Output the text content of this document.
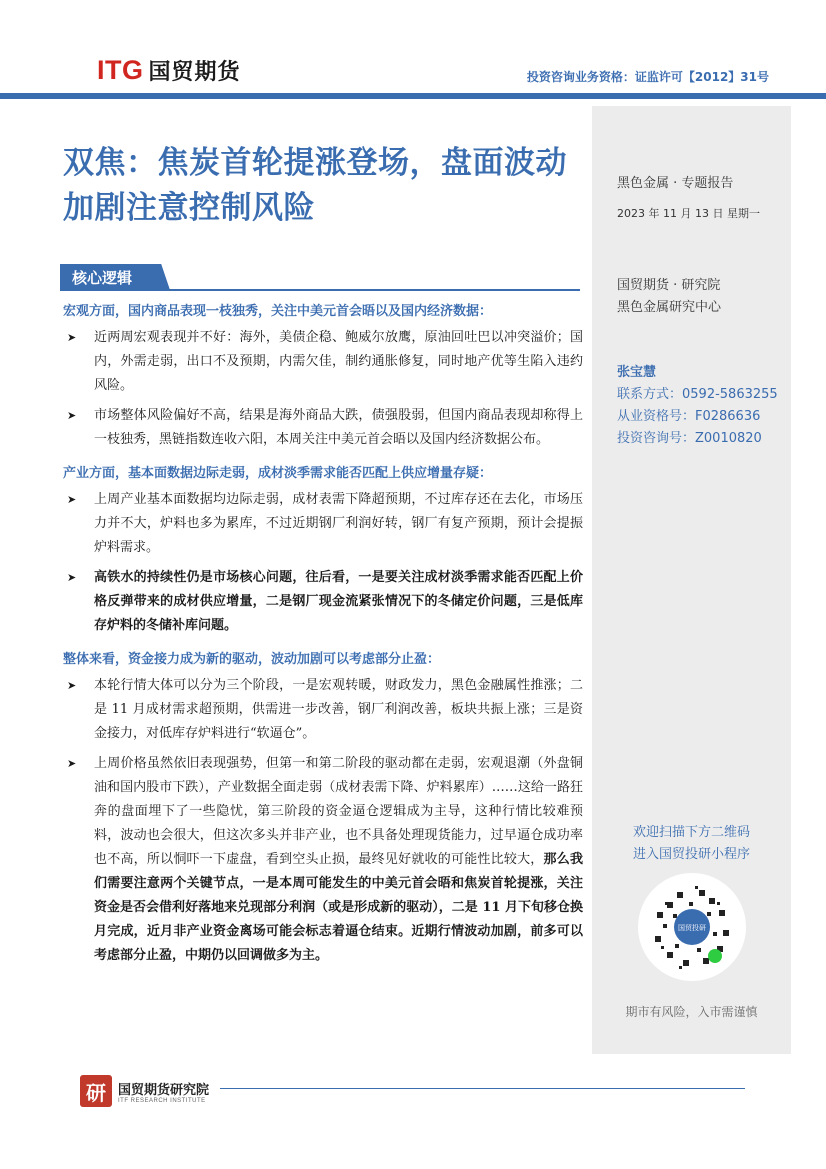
ITG 国贸期货	投资咨询业务资格：证监许可【2012】31号
黑色金属 · 专题报告
2023 年 11 月 13 日 星期一
国贸期货 · 研究院
黑色金属研究中心
张宝慧
联系方式：0592-5863255
从业资格号：F0286636
投资咨询号：Z0010820
欢迎扫描下方二维码
进入国贸投研小程序
国贸投研
期市有风险，入市需谨慎
双焦：焦炭首轮提涨登场，盘面波动加剧注意控制风险
核心逻辑
宏观方面，国内商品表现一枝独秀，关注中美元首会晤以及国内经济数据：
➤ 近两周宏观表现并不好：海外，美债企稳、鲍威尔放鹰，原油回吐巴以冲突溢价；国内，外需走弱，出口不及预期，内需欠佳，制约通胀修复，同时地产优等生陷入违约风险。
➤ 市场整体风险偏好不高，结果是海外商品大跌，债强股弱，但国内商品表现却称得上一枝独秀，黑链指数连收六阳，本周关注中美元首会晤以及国内经济数据公布。
产业方面，基本面数据边际走弱，成材淡季需求能否匹配上供应增量存疑：
➤ 上周产业基本面数据均边际走弱，成材表需下降超预期，不过库存还在去化，市场压力并不大，炉料也多为累库，不过近期钢厂利润好转，钢厂有复产预期，预计会提振炉料需求。
➤ 高铁水的持续性仍是市场核心问题，往后看，一是要关注成材淡季需求能否匹配上价格反弹带来的成材供应增量，二是钢厂现金流紧张情况下的冬储定价问题，三是低库存炉料的冬储补库问题。
整体来看，资金接力成为新的驱动，波动加剧可以考虑部分止盈：
➤ 本轮行情大体可以分为三个阶段，一是宏观转暖，财政发力，黑色金融属性推涨；二是 11 月成材需求超预期，供需进一步改善，钢厂利润改善，板块共振上涨；三是资金接力，对低库存炉料进行“软逼仓”。
➤ 上周价格虽然依旧表现强势，但第一和第二阶段的驱动都在走弱，宏观退潮（外盘铜油和国内股市下跌），产业数据全面走弱（成材表需下降、炉料累库）……这给一路狂奔的盘面埋下了一些隐忧，第三阶段的资金逼仓逻辑成为主导，这种行情比较难预料，波动也会很大，但这次多头并非产业，也不具备处理现货能力，过早逼仓成功率也不高，所以恫吓一下虚盘，看到空头止损，最终见好就收的可能性比较大，那么我们需要注意两个关键节点，一是本周可能发生的中美元首会晤和焦炭首轮提涨，关注资金是否会借利好落地来兑现部分利润（或是形成新的驱动），二是 11 月下旬移仓换月完成，近月非产业资金离场可能会标志着逼仓结束。近期行情波动加剧，前多可以考虑部分止盈，中期仍以回调做多为主。
研 国贸期货研究院
ITF RESEARCH INSTITUTE
